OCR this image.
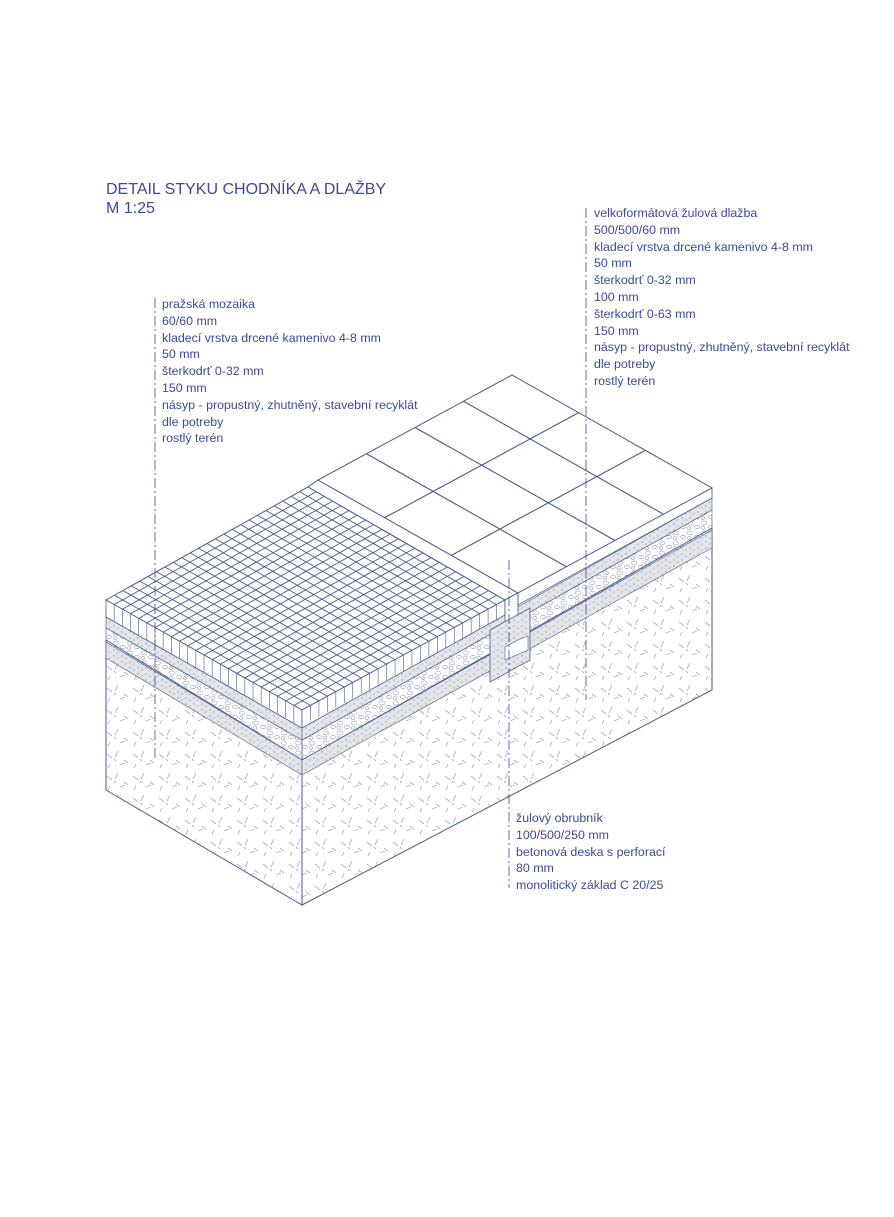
DETAIL STYKU CHODNÍKA A DLAŽBY
M 1:25
pražská mozaika
60/60 mm
kladecí vrstva drcené kamenivo 4-8 mm
50 mm
šterkodrť 0-32 mm
150 mm
násyp - propustný, zhutněný, stavební recyklát
dle potreby
rostlý terén
velkoformátová žulová dlažba
500/500/60 mm
kladecí vrstva drcené kamenivo 4-8 mm
50 mm
šterkodrť 0-32 mm
100 mm
šterkodrť 0-63 mm
150 mm
násyp - propustný, zhutněný, stavební recyklát
dle potreby
rostlý terén
žulový obrubník
100/500/250 mm
betonová deska s perforací
80 mm
monolitický základ C 20/25
